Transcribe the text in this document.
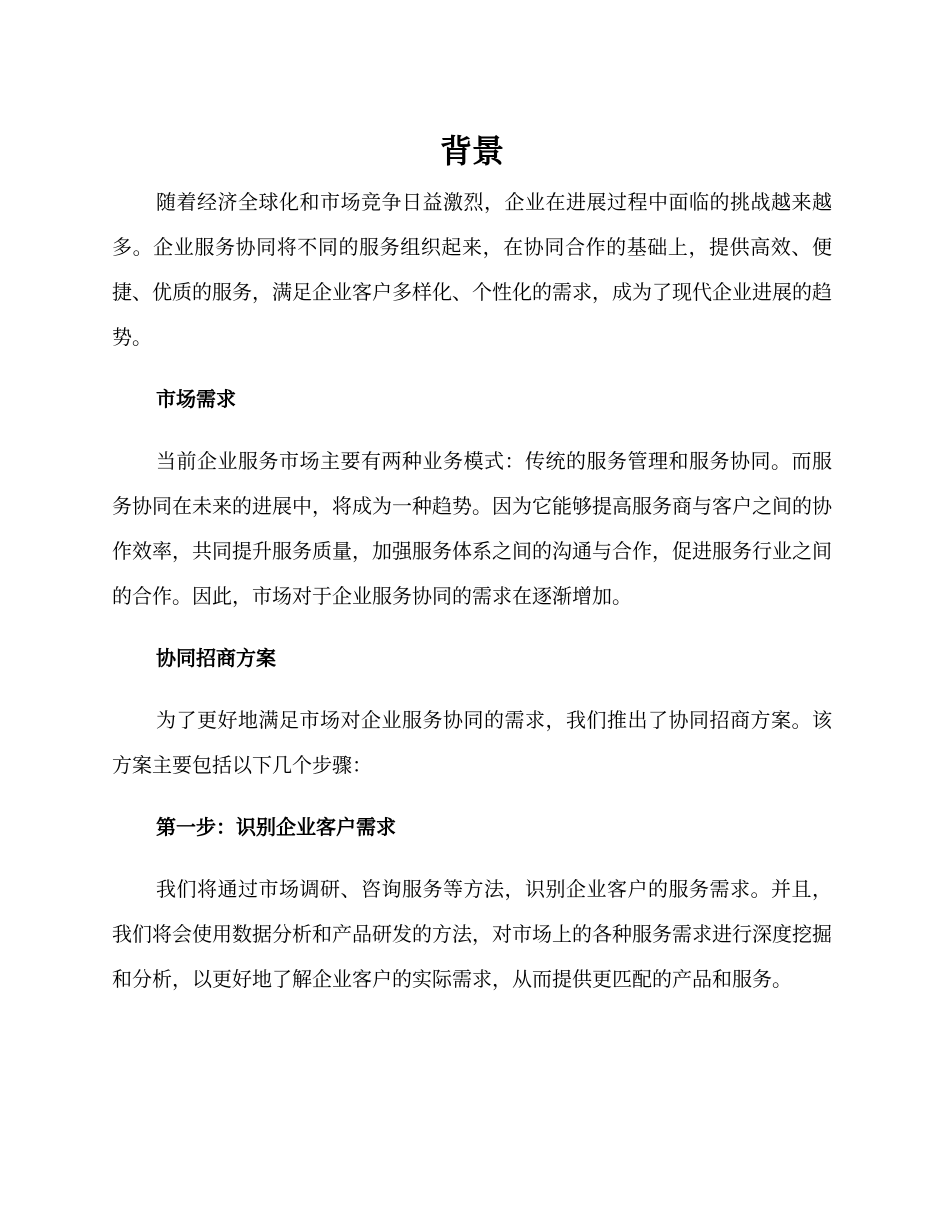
背景

随着经济全球化和市场竞争日益激烈，企业在进展过程中面临的挑战越来越多。企业服务协同将不同的服务组织起来，在协同合作的基础上，提供高效、便捷、优质的服务，满足企业客户多样化、个性化的需求，成为了现代企业进展的趋势。

市场需求

当前企业服务市场主要有两种业务模式：传统的服务管理和服务协同。而服务协同在未来的进展中，将成为一种趋势。因为它能够提高服务商与客户之间的协作效率，共同提升服务质量，加强服务体系之间的沟通与合作，促进服务行业之间的合作。因此，市场对于企业服务协同的需求在逐渐增加。

协同招商方案

为了更好地满足市场对企业服务协同的需求，我们推出了协同招商方案。该方案主要包括以下几个步骤：

第一步：识别企业客户需求

我们将通过市场调研、咨询服务等方法，识别企业客户的服务需求。并且，我们将会使用数据分析和产品研发的方法，对市场上的各种服务需求进行深度挖掘和分析，以更好地了解企业客户的实际需求，从而提供更匹配的产品和服务。
